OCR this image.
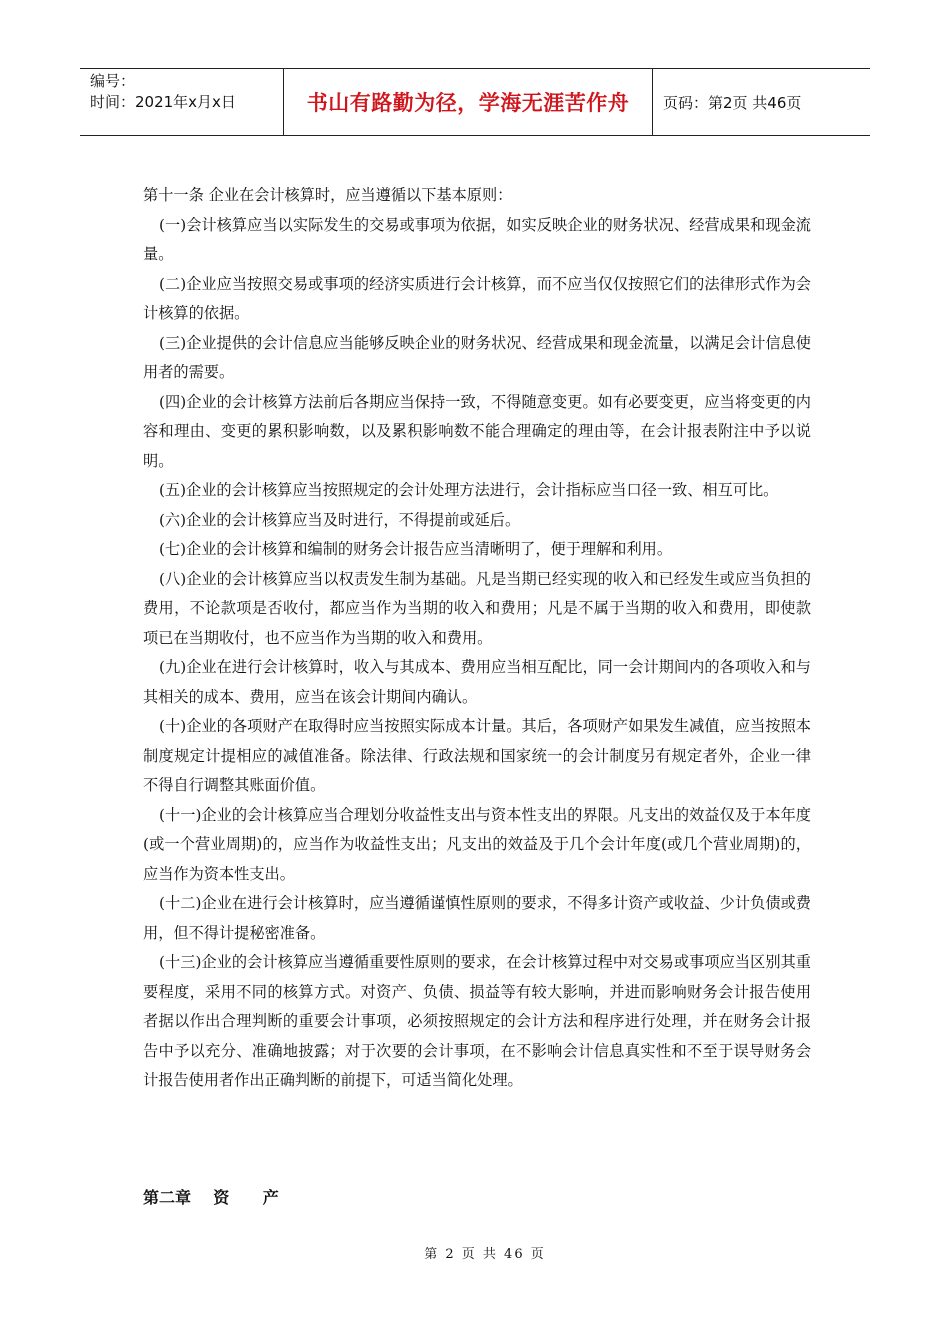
编号：
时间：2021年x月x日	书山有路勤为径，学海无涯苦作舟	页码：第2页 共46页

第十一条 企业在会计核算时，应当遵循以下基本原则：

(一)会计核算应当以实际发生的交易或事项为依据，如实反映企业的财务状况、经营成果和现金流量。

(二)企业应当按照交易或事项的经济实质进行会计核算，而不应当仅仅按照它们的法律形式作为会计核算的依据。

(三)企业提供的会计信息应当能够反映企业的财务状况、经营成果和现金流量，以满足会计信息使用者的需要。

(四)企业的会计核算方法前后各期应当保持一致，不得随意变更。如有必要变更，应当将变更的内容和理由、变更的累积影响数，以及累积影响数不能合理确定的理由等，在会计报表附注中予以说明。

(五)企业的会计核算应当按照规定的会计处理方法进行，会计指标应当口径一致、相互可比。

(六)企业的会计核算应当及时进行，不得提前或延后。

(七)企业的会计核算和编制的财务会计报告应当清晰明了，便于理解和利用。

(八)企业的会计核算应当以权责发生制为基础。凡是当期已经实现的收入和已经发生或应当负担的费用，不论款项是否收付，都应当作为当期的收入和费用；凡是不属于当期的收入和费用，即使款项已在当期收付，也不应当作为当期的收入和费用。

(九)企业在进行会计核算时，收入与其成本、费用应当相互配比，同一会计期间内的各项收入和与其相关的成本、费用，应当在该会计期间内确认。

(十)企业的各项财产在取得时应当按照实际成本计量。其后，各项财产如果发生减值，应当按照本制度规定计提相应的减值准备。除法律、行政法规和国家统一的会计制度另有规定者外，企业一律不得自行调整其账面价值。

(十一)企业的会计核算应当合理划分收益性支出与资本性支出的界限。凡支出的效益仅及于本年度(或一个营业周期)的，应当作为收益性支出；凡支出的效益及于几个会计年度(或几个营业周期)的，应当作为资本性支出。

(十二)企业在进行会计核算时，应当遵循谨慎性原则的要求，不得多计资产或收益、少计负债或费用，但不得计提秘密准备。

(十三)企业的会计核算应当遵循重要性原则的要求，在会计核算过程中对交易或事项应当区别其重要程度，采用不同的核算方式。对资产、负债、损益等有较大影响，并进而影响财务会计报告使用者据以作出合理判断的重要会计事项，必须按照规定的会计方法和程序进行处理，并在财务会计报告中予以充分、准确地披露；对于次要的会计事项，在不影响会计信息真实性和不至于误导财务会计报告使用者作出正确判断的前提下，可适当简化处理。

第二章    资      产
第 2 页 共 46 页
